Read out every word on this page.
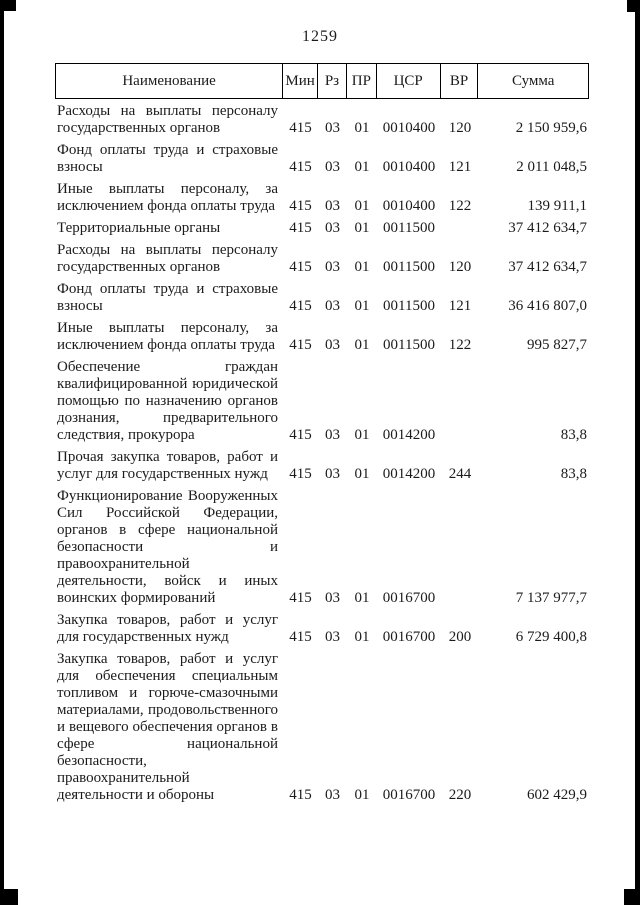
1259
Наименование	Мин Рз ПР	ЦСР	ВР	Сумма
Расходы на выплаты персоналу государственных органов	415 03 01 0010400 120	2 150 959,6
Фонд оплаты труда и страховые взносы	415 03 01 0010400 121	2 011 048,5
Иные выплаты персоналу, за исключением фонда оплаты труда 415 03 01 0010400 122	139 911,1
Территориальные органы	415 03 01 0011500	37 412 634,7
Расходы на выплаты персоналу государственных органов	415 03 01 0011500 120	37 412 634,7
Фонд оплаты труда и страховые взносы	415 03 01 0011500 121	36 416 807,0
Иные выплаты персоналу, за исключением фонда оплаты труда 415 03 01 0011500 122	995 827,7
Обеспечение граждан квалифицированной юридической помощью по назначению органов дознания, предварительного следствия, прокурора	415 03 01 0014200	83,8
Прочая закупка товаров, работ и услуг для государственных нужд	415 03 01 0014200 244	83,8
Функционирование Вооруженных Сил Российской Федерации, органов в сфере национальной безопасности и правоохранительной деятельности, войск и иных воинских формирований	415 03 01 0016700	7 137 977,7
Закупка товаров, работ и услуг для государственных нужд	415 03 01 0016700 200	6 729 400,8
Закупка товаров, работ и услуг для обеспечения специальным топливом и горюче-смазочными материалами, продовольственного и вещевого обеспечения органов в сфере национальной безопасности, правоохранительной деятельности и обороны	415 03 01 0016700 220	602 429,9
